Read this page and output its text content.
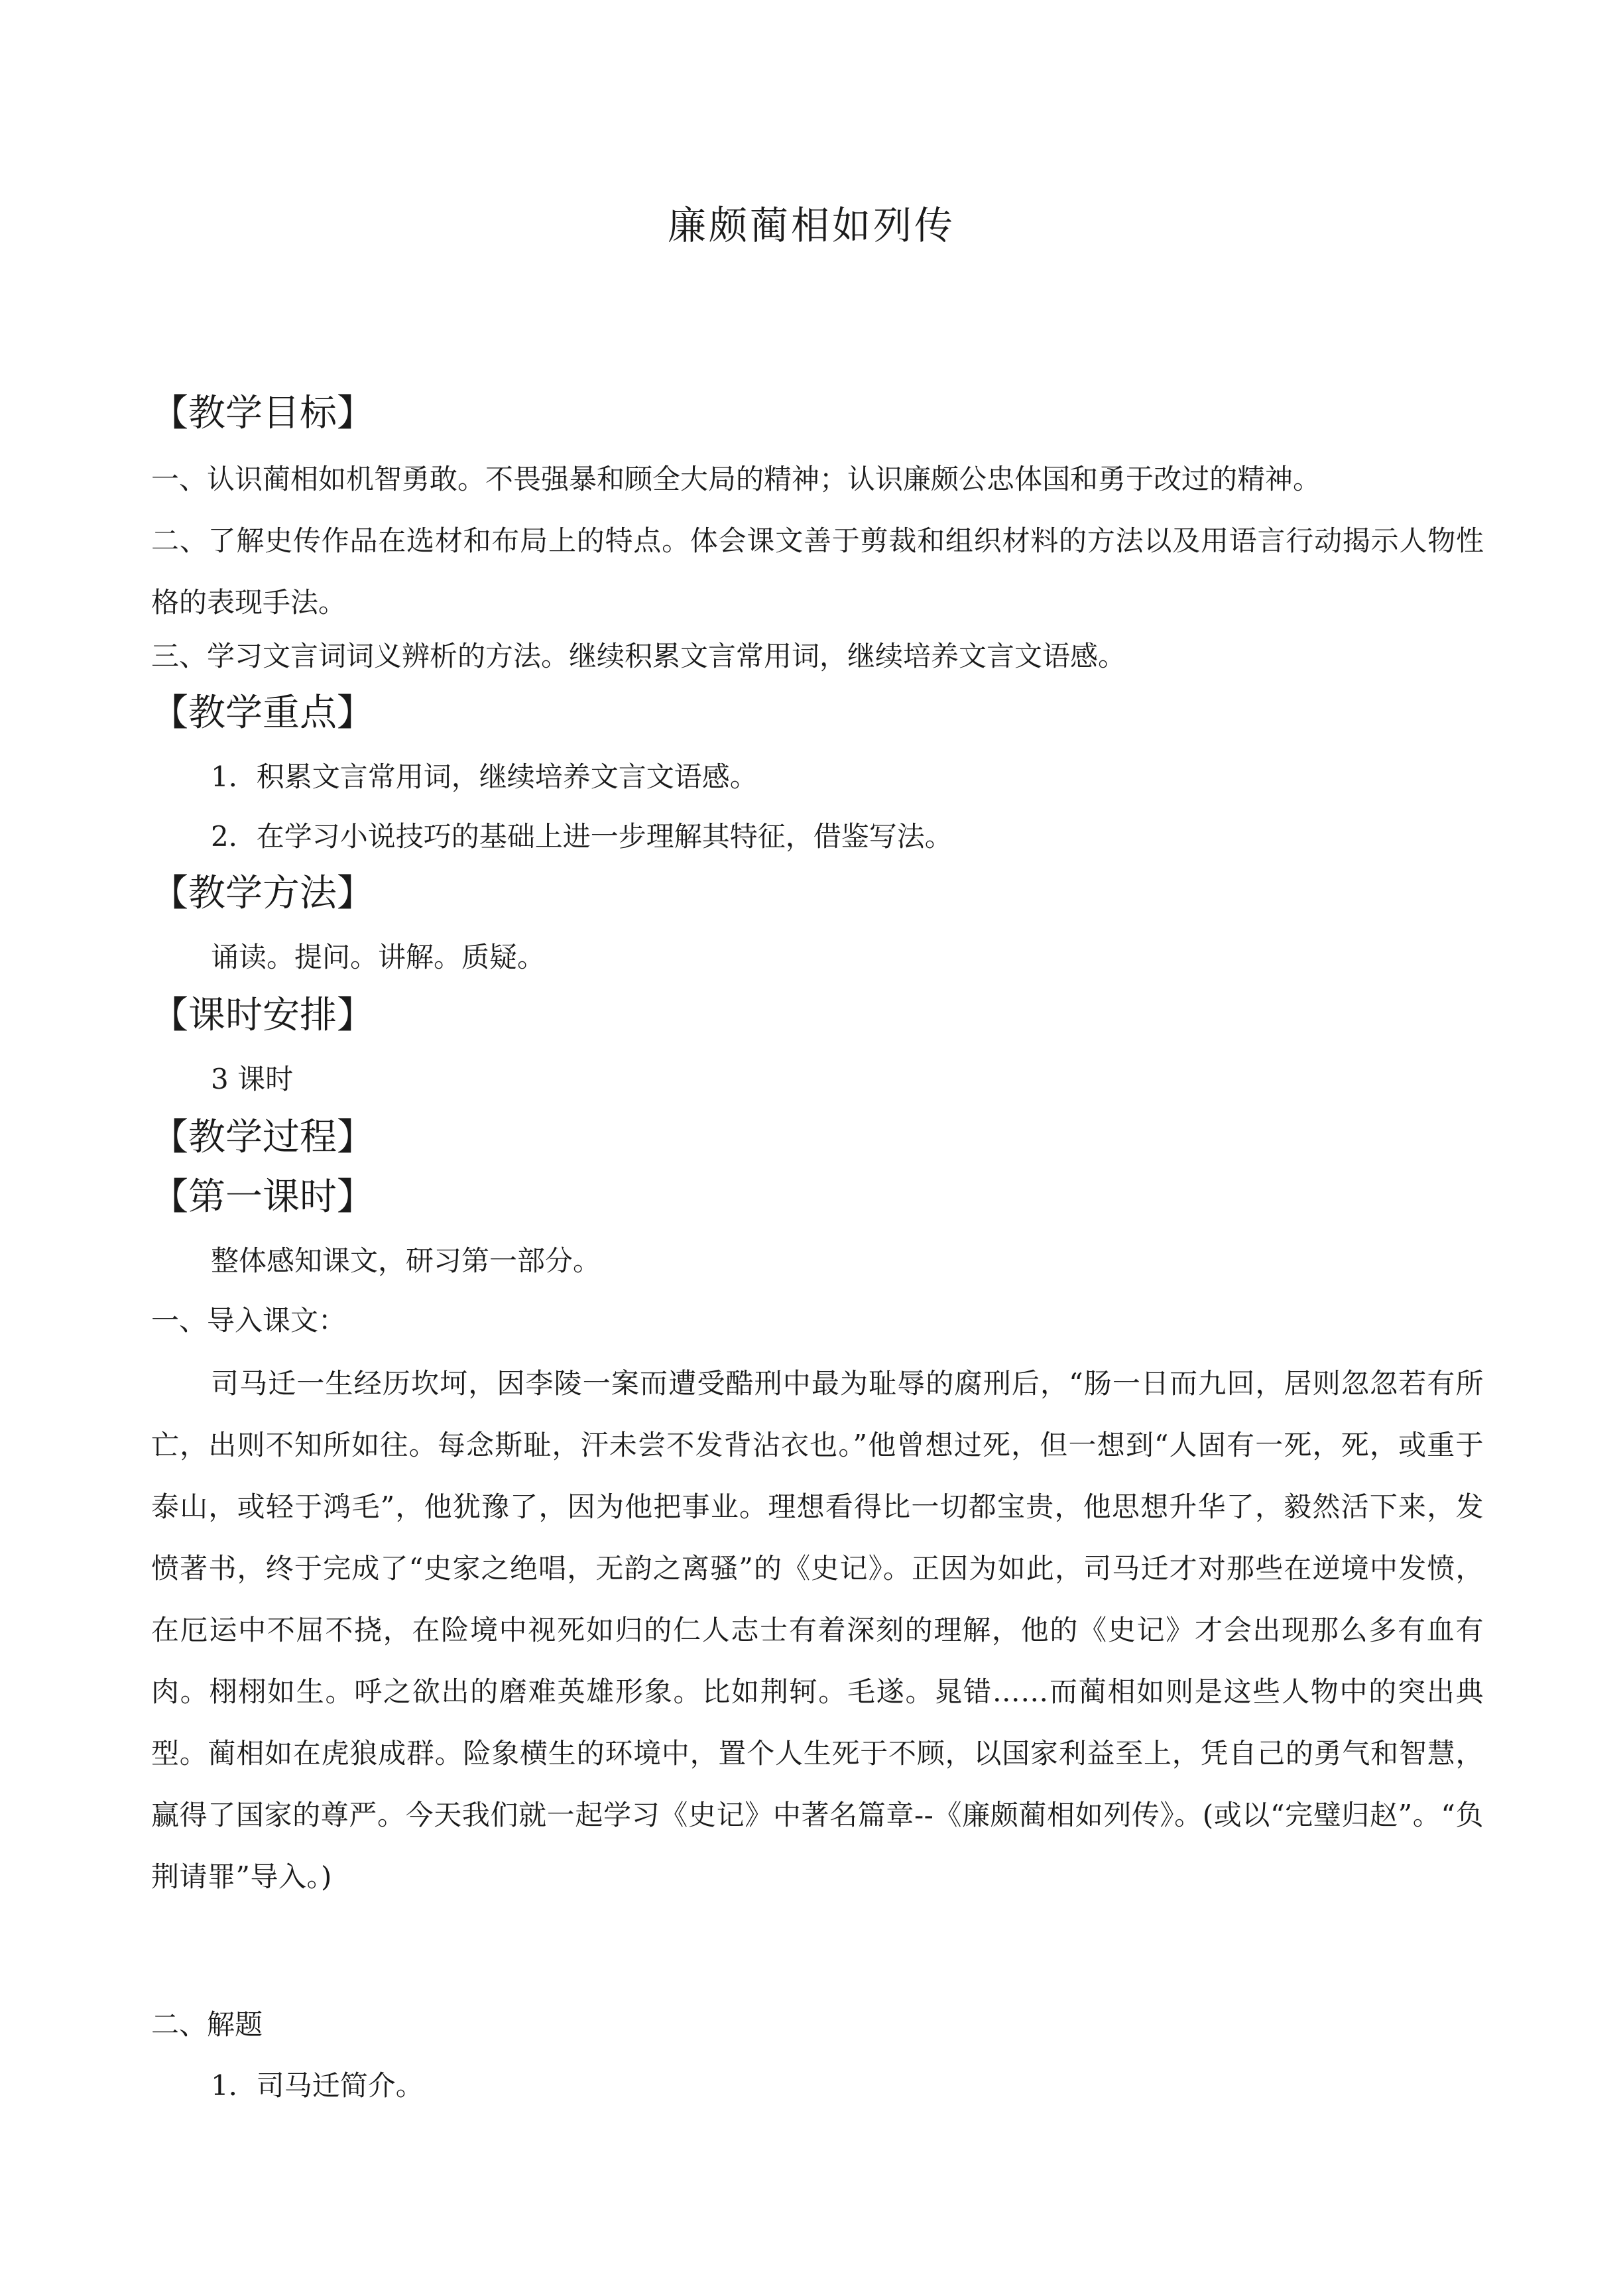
廉颇蔺相如列传
【教学目标】
一、认识蔺相如机智勇敢。不畏强暴和顾全大局的精神；认识廉颇公忠体国和勇于改过的精神。
二、了解史传作品在选材和布局上的特点。体会课文善于剪裁和组织材料的方法以及用语言行动揭示人物性格的表现手法。
三、学习文言词词义辨析的方法。继续积累文言常用词，继续培养文言文语感。
【教学重点】
1．积累文言常用词，继续培养文言文语感。
2．在学习小说技巧的基础上进一步理解其特征，借鉴写法。
【教学方法】
诵读。提问。讲解。质疑。
【课时安排】
3 课时
【教学过程】
【第一课时】
整体感知课文，研习第一部分。
一、导入课文：
司马迁一生经历坎坷，因李陵一案而遭受酷刑中最为耻辱的腐刑后，“肠一日而九回，居则忽忽若有所亡，出则不知所如往。每念斯耻，汗未尝不发背沾衣也。”他曾想过死，但一想到“人固有一死，死，或重于泰山，或轻于鸿毛”，他犹豫了，因为他把事业。理想看得比一切都宝贵，他思想升华了，毅然活下来，发愤著书，终于完成了“史家之绝唱，无韵之离骚”的《史记》。正因为如此，司马迁才对那些在逆境中发愤，在厄运中不屈不挠，在险境中视死如归的仁人志士有着深刻的理解，他的《史记》才会出现那么多有血有肉。栩栩如生。呼之欲出的磨难英雄形象。比如荆轲。毛遂。晁错……而蔺相如则是这些人物中的突出典型。蔺相如在虎狼成群。险象横生的环境中，置个人生死于不顾，以国家利益至上，凭自己的勇气和智慧，赢得了国家的尊严。今天我们就一起学习《史记》中著名篇章--《廉颇蔺相如列传》。(或以“完璧归赵”。“负荆请罪”导入。)
二、解题
1．司马迁简介。
